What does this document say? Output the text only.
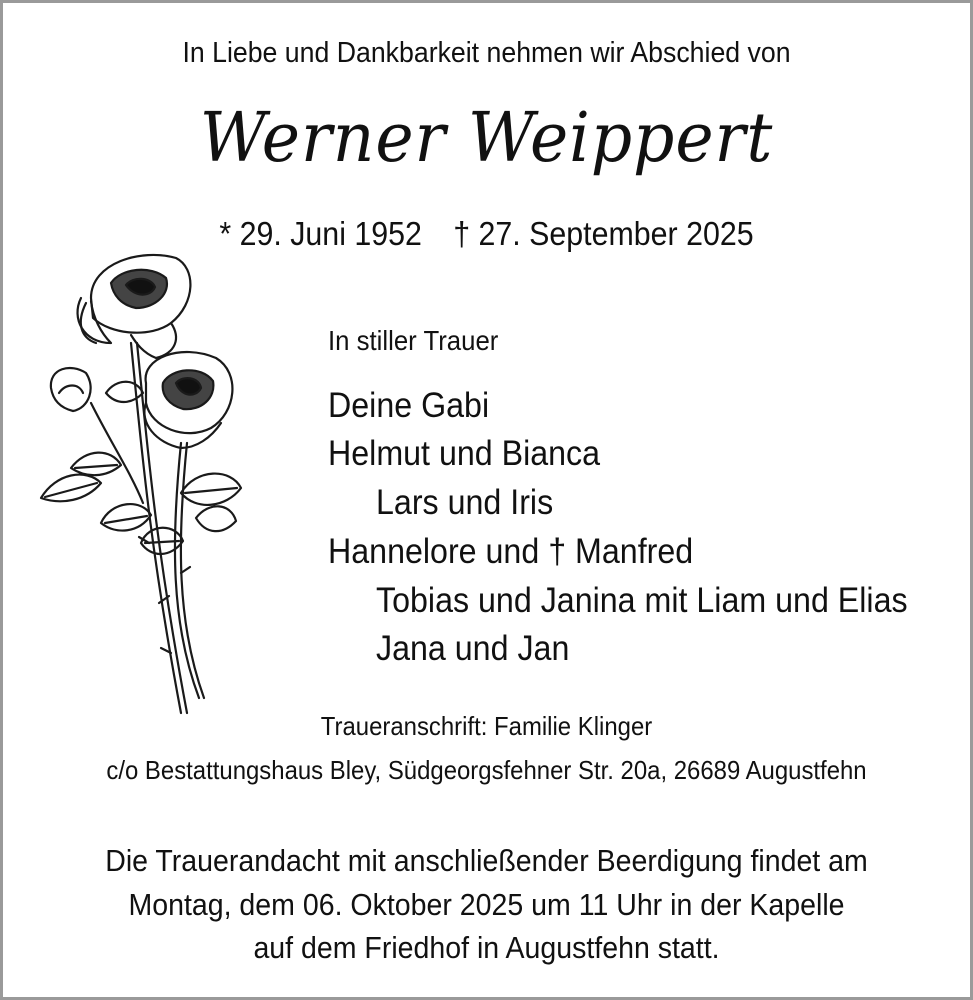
In Liebe und Dankbarkeit nehmen wir Abschied von
Werner Weippert
* 29. Juni 1952 † 27. September 2025
In stiller Trauer
Deine Gabi
Helmut und Bianca
Lars und Iris
Hannelore und † Manfred
Tobias und Janina mit Liam und Elias
Jana und Jan
Traueranschrift: Familie Klinger
c/o Bestattungshaus Bley, Südgeorgsfehner Str. 20a, 26689 Augustfehn
Die Trauerandacht mit anschließender Beerdigung findet am
Montag, dem 06. Oktober 2025 um 11 Uhr in der Kapelle
auf dem Friedhof in Augustfehn statt.
